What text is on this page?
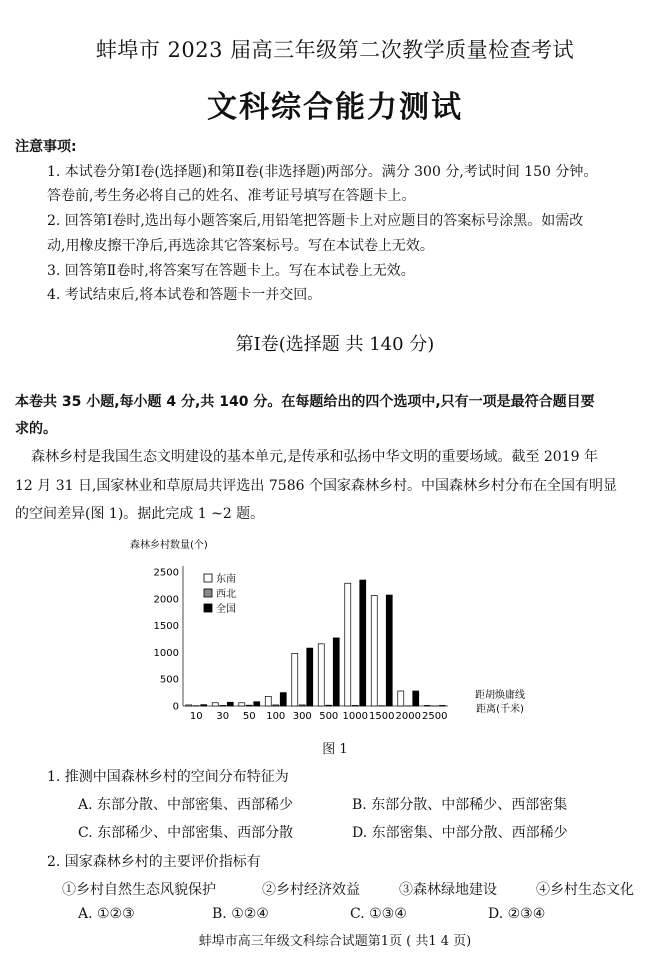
蚌埠市 2023 届高三年级第二次教学质量检查考试
文科综合能力测试
注意事项:
1. 本试卷分第Ⅰ卷(选择题)和第Ⅱ卷(非选择题)两部分。满分 300 分,考试时间 150 分钟。
答卷前,考生务必将自己的姓名、准考证号填写在答题卡上。
2. 回答第Ⅰ卷时,选出每小题答案后,用铅笔把答题卡上对应题目的答案标号涂黑。如需改
动,用橡皮擦干净后,再选涂其它答案标号。写在本试卷上无效。
3. 回答第Ⅱ卷时,将答案写在答题卡上。写在本试卷上无效。
4. 考试结束后,将本试卷和答题卡一并交回。
第Ⅰ卷(选择题 共 140 分)
本卷共 35 小题,每小题 4 分,共 140 分。在每题给出的四个选项中,只有一项是最符合题目要
求的。
森林乡村是我国生态文明建设的基本单元,是传承和弘扬中华文明的重要场域。截至 2019 年
12 月 31 日,国家林业和草原局共评选出 7586 个国家森林乡村。中国森林乡村分布在全国有明显
的空间差异(图 1)。据此完成 1 ~2 题。
森林乡村数量(个)
2500
2000
1500
1000
500
0
10 30 50 100 300 500 1000 1500 2000 2500
距胡焕庸线
距离(千米)
东南
西北
全国
图 1
1. 推测中国森林乡村的空间分布特征为
A. 东部分散、中部密集、西部稀少	B. 东部分散、中部稀少、西部密集
C. 东部稀少、中部密集、西部分散	D. 东部密集、中部分散、西部稀少
2. 国家森林乡村的主要评价指标有
①乡村自然生态风貌保护	②乡村经济效益	③森林绿地建设	④乡村生态文化
A. ①②③	B. ①②④	C. ①③④	D. ②③④
蚌埠市高三年级文科综合试题第1页 ( 共1 4 页)
